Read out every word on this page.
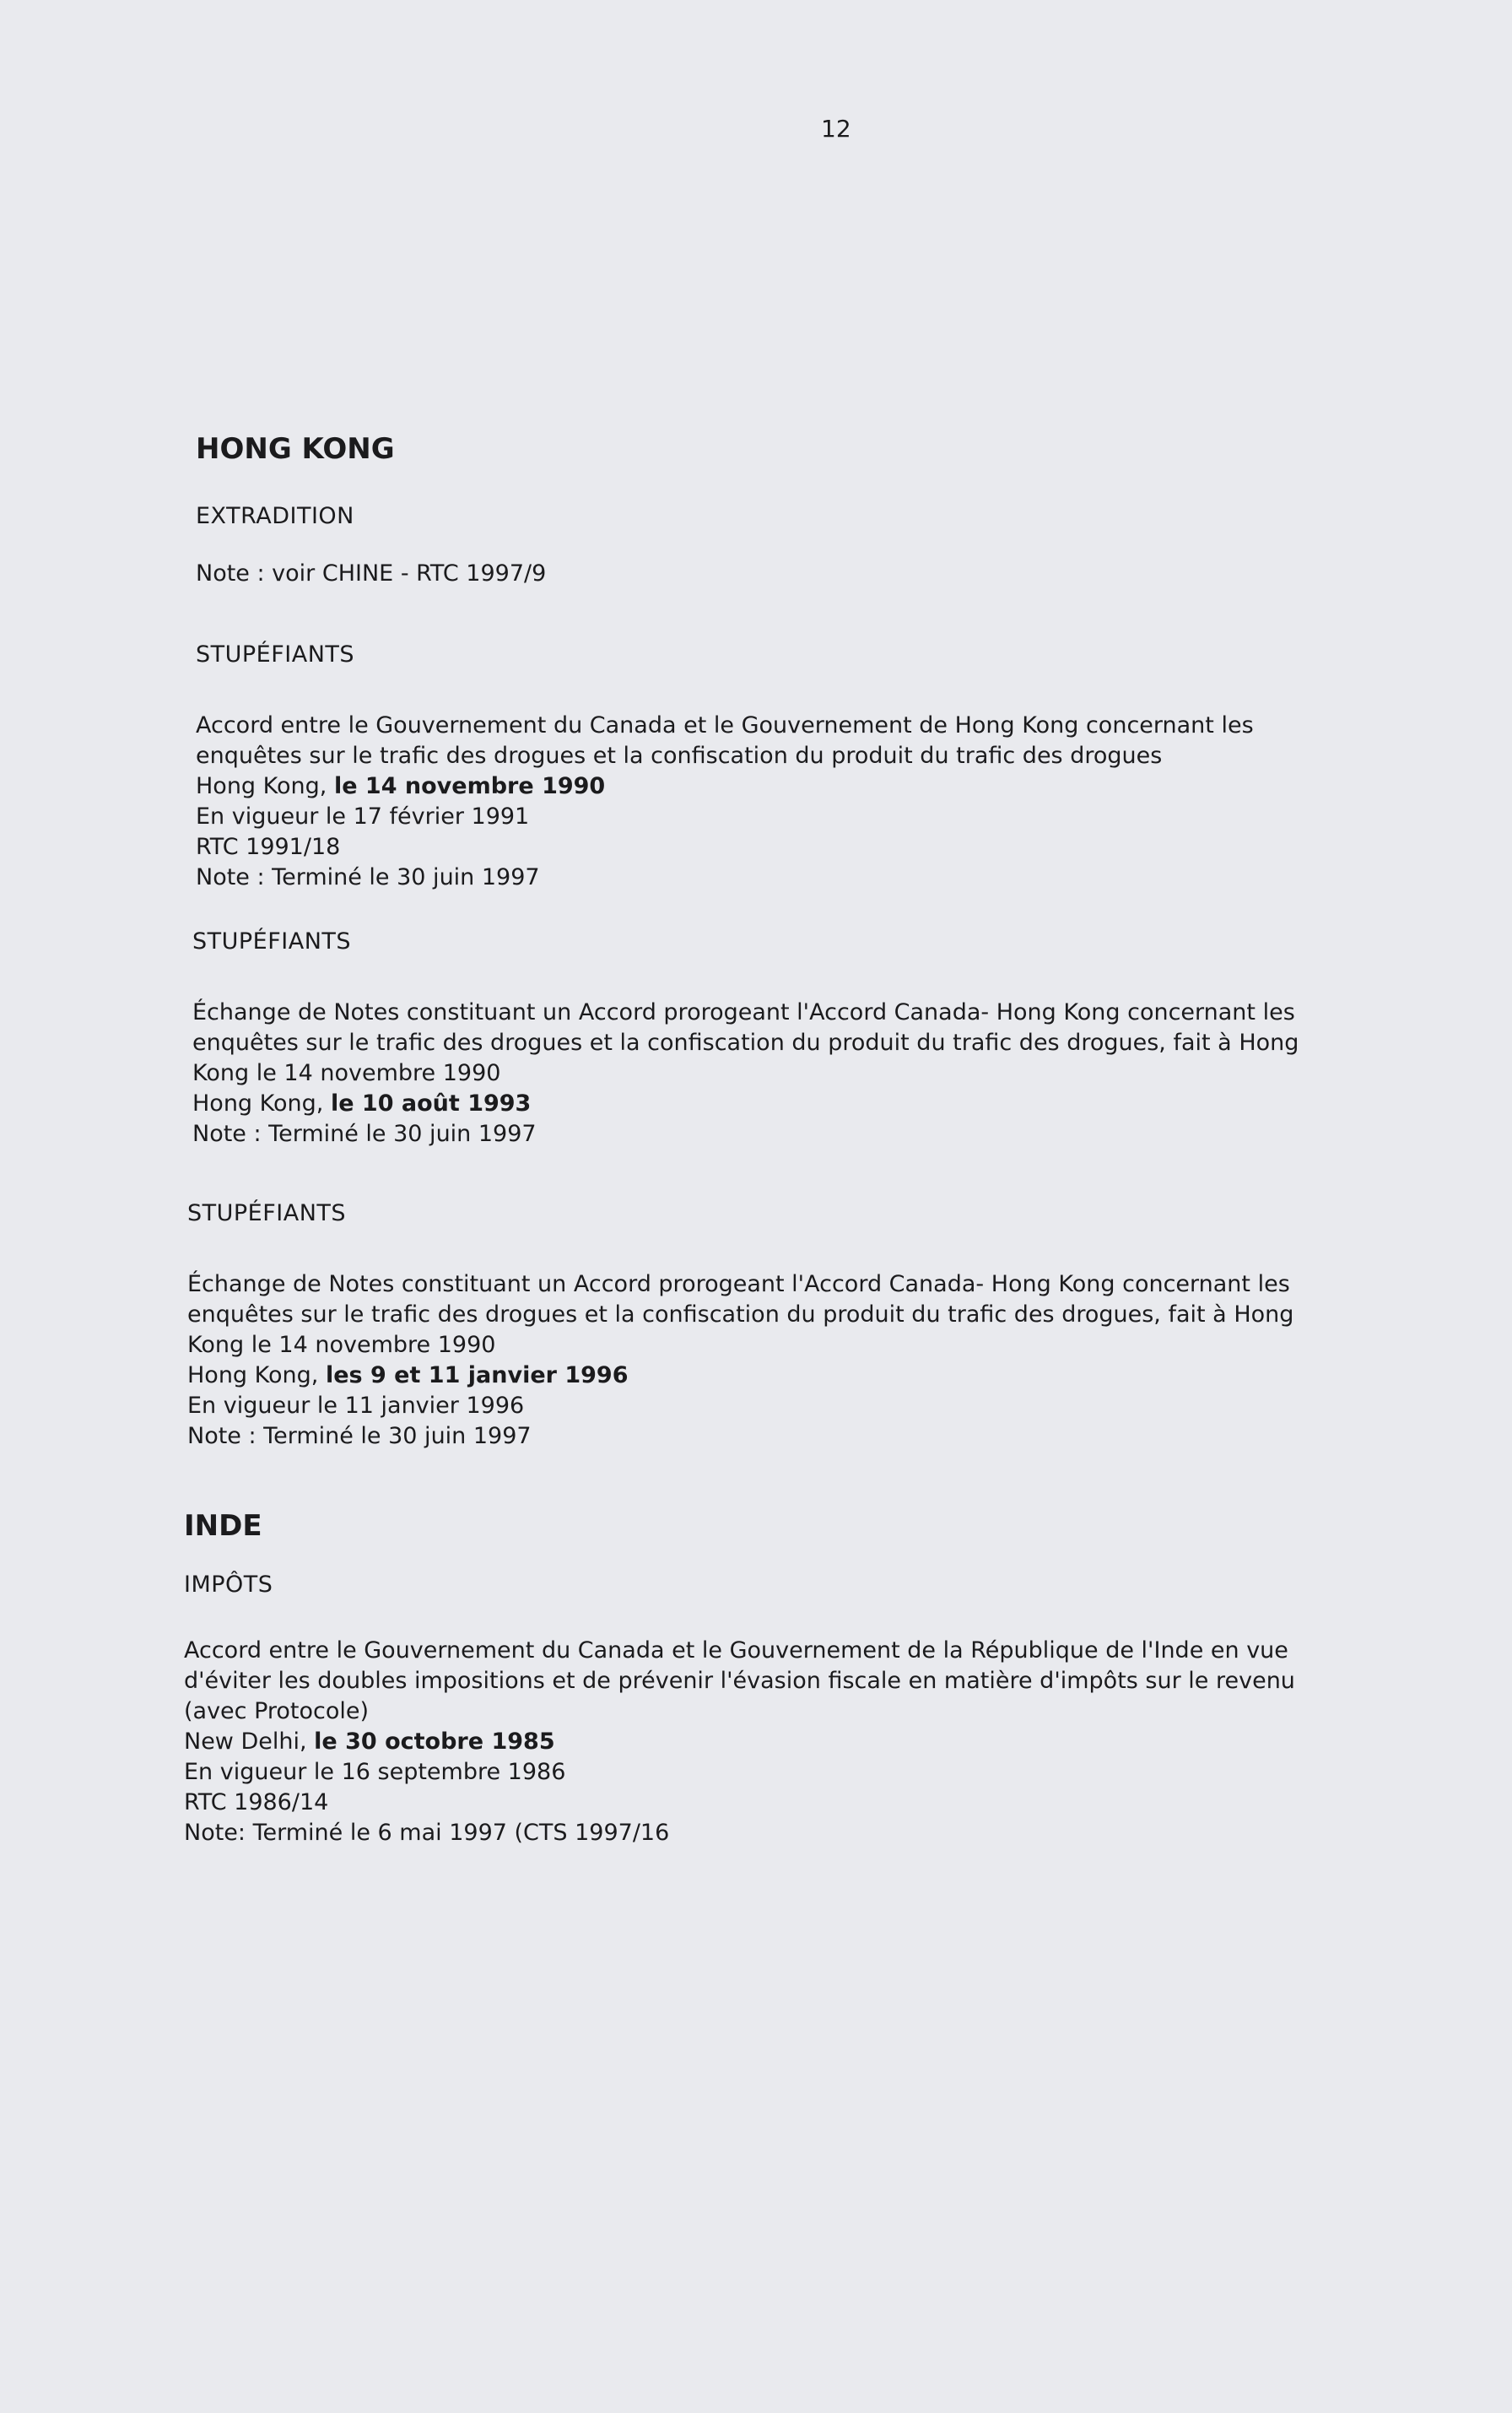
12
HONG KONG
EXTRADITION
Note : voir CHINE - RTC 1997/9
STUPÉFIANTS
Accord entre le Gouvernement du Canada et le Gouvernement de Hong Kong concernant les
enquêtes sur le trafic des drogues et la confiscation du produit du trafic des drogues
Hong Kong, le 14 novembre 1990
En vigueur le 17 février 1991
RTC 1991/18
Note : Terminé le 30 juin 1997
STUPÉFIANTS
Échange de Notes constituant un Accord prorogeant l'Accord Canada- Hong Kong concernant les
enquêtes sur le trafic des drogues et la confiscation du produit du trafic des drogues, fait à Hong
Kong le 14 novembre 1990
Hong Kong, le 10 août 1993
Note : Terminé le 30 juin 1997
STUPÉFIANTS
Échange de Notes constituant un Accord prorogeant l'Accord Canada- Hong Kong concernant les
enquêtes sur le trafic des drogues et la confiscation du produit du trafic des drogues, fait à Hong
Kong le 14 novembre 1990
Hong Kong, les 9 et 11 janvier 1996
En vigueur le 11 janvier 1996
Note : Terminé le 30 juin 1997
INDE
IMPÔTS
Accord entre le Gouvernement du Canada et le Gouvernement de la République de l'Inde en vue
d'éviter les doubles impositions et de prévenir l'évasion fiscale en matière d'impôts sur le revenu
(avec Protocole)
New Delhi, le 30 octobre 1985
En vigueur le 16 septembre 1986
RTC 1986/14
Note: Terminé le 6 mai 1997 (CTS 1997/16
